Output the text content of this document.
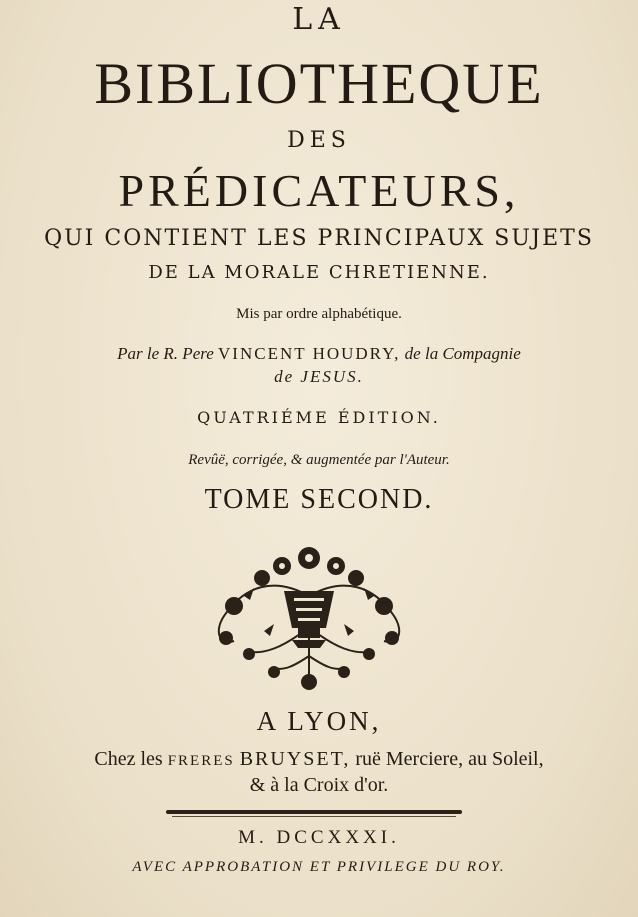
LA
BIBLIOTHEQUE
DES
PRÉDICATEURS,
QUI CONTIENT LES PRINCIPAUX SUJETS
DE LA MORALE CHRETIENNE.
Mis par ordre alphabétique.
Par le R. Pere VINCENT HOUDRY, de la Compagnie
de JESUS.
QUATRIÉME ÉDITION.
Revûë, corrigée, & augmentée par l'Auteur.
TOME SECOND.
A LYON,
Chez les FRERES BRUYSET, ruë Merciere, au Soleil,
& à la Croix d'or.
M. DCCXXXI.
AVEC APPROBATION ET PRIVILEGE DU ROY.
